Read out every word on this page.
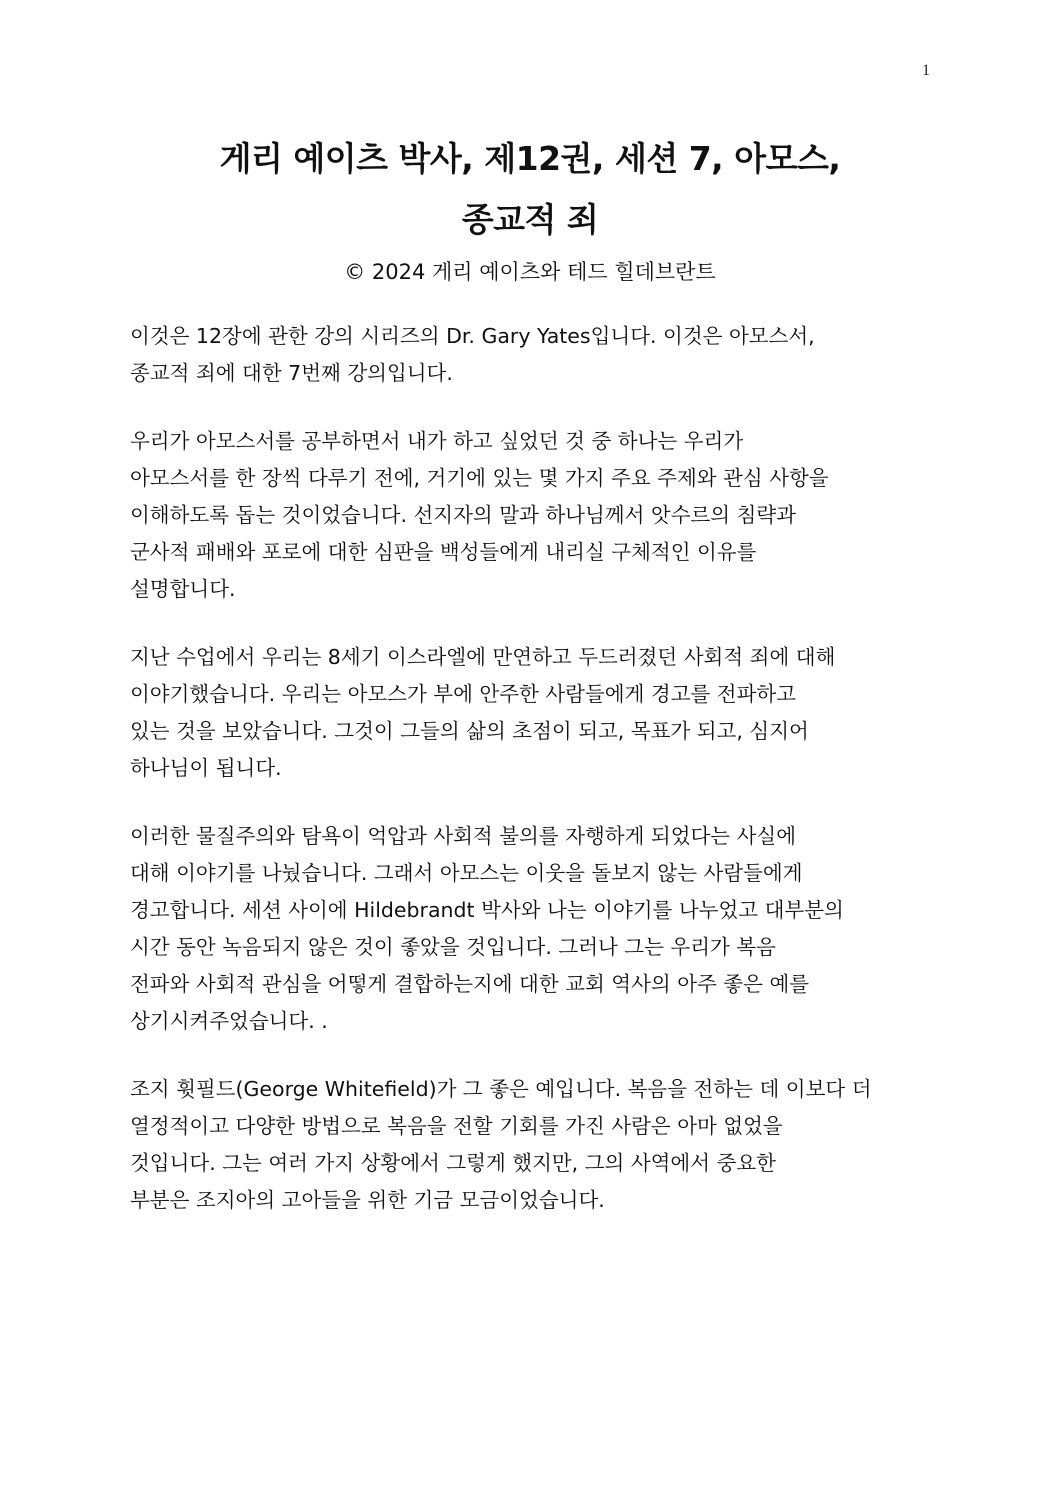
1
게리 예이츠 박사, 제12권, 세션 7, 아모스,
종교적 죄

© 2024 게리 예이츠와 테드 힐데브란트

이것은 12장에 관한 강의 시리즈의 Dr. Gary Yates입니다. 이것은 아모스서,
종교적 죄에 대한 7번째 강의입니다.

우리가 아모스서를 공부하면서 내가 하고 싶었던 것 중 하나는 우리가
아모스서를 한 장씩 다루기 전에, 거기에 있는 몇 가지 주요 주제와 관심 사항을
이해하도록 돕는 것이었습니다. 선지자의 말과 하나님께서 앗수르의 침략과
군사적 패배와 포로에 대한 심판을 백성들에게 내리실 구체적인 이유를
설명합니다.

지난 수업에서 우리는 8세기 이스라엘에 만연하고 두드러졌던 사회적 죄에 대해
이야기했습니다. 우리는 아모스가 부에 안주한 사람들에게 경고를 전파하고
있는 것을 보았습니다. 그것이 그들의 삶의 초점이 되고, 목표가 되고, 심지어
하나님이 됩니다.

이러한 물질주의와 탐욕이 억압과 사회적 불의를 자행하게 되었다는 사실에
대해 이야기를 나눴습니다. 그래서 아모스는 이웃을 돌보지 않는 사람들에게
경고합니다. 세션 사이에 Hildebrandt 박사와 나는 이야기를 나누었고 대부분의
시간 동안 녹음되지 않은 것이 좋았을 것입니다. 그러나 그는 우리가 복음
전파와 사회적 관심을 어떻게 결합하는지에 대한 교회 역사의 아주 좋은 예를
상기시켜주었습니다. .

조지 휫필드(George Whitefield)가 그 좋은 예입니다. 복음을 전하는 데 이보다 더
열정적이고 다양한 방법으로 복음을 전할 기회를 가진 사람은 아마 없었을
것입니다. 그는 여러 가지 상황에서 그렇게 했지만, 그의 사역에서 중요한
부분은 조지아의 고아들을 위한 기금 모금이었습니다.
